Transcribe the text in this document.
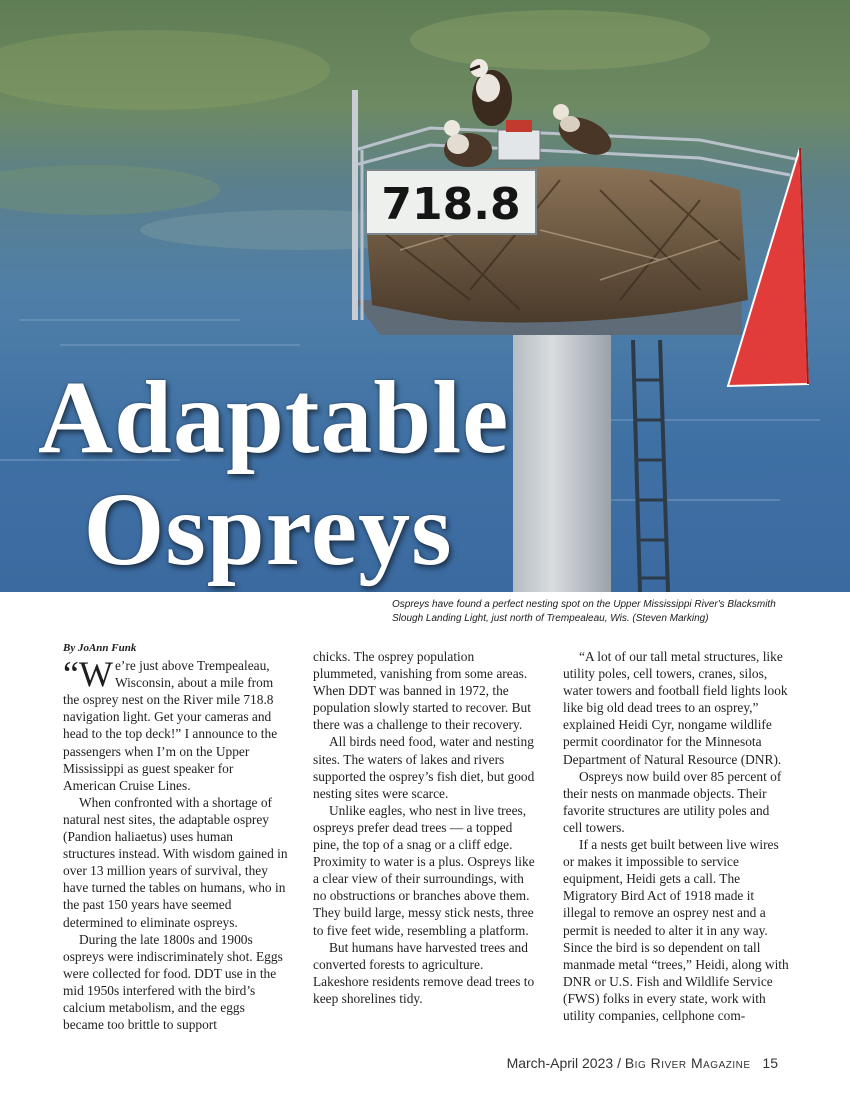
718.8
Adaptable
Ospreys
Ospreys have found a perfect nesting spot on the Upper Mississippi River's Blacksmith Slough Landing Light, just north of Trempealeau, Wis. (Steven Marking)

By JoAnn Funk

“We’re just above Trempealeau, Wisconsin, about a mile from the osprey nest on the River mile 718.8 navigation light. Get your cameras and head to the top deck!” I announce to the passengers when I’m on the Upper Mississippi as guest speaker for American Cruise Lines.

When confronted with a shortage of natural nest sites, the adaptable osprey (Pandion haliaetus) uses human structures instead. With wisdom gained in over 13 million years of survival, they have turned the tables on humans, who in the past 150 years have seemed determined to eliminate ospreys.

During the late 1800s and 1900s ospreys were indiscriminately shot. Eggs were collected for food. DDT use in the mid 1950s interfered with the bird’s calcium metabolism, and the eggs became too brittle to support

chicks. The osprey population plummeted, vanishing from some areas. When DDT was banned in 1972, the population slowly started to recover. But there was a challenge to their recovery.

All birds need food, water and nesting sites. The waters of lakes and rivers supported the osprey’s fish diet, but good nesting sites were scarce.

Unlike eagles, who nest in live trees, ospreys prefer dead trees — a topped pine, the top of a snag or a cliff edge. Proximity to water is a plus. Ospreys like a clear view of their surroundings, with no obstructions or branches above them. They build large, messy stick nests, three to five feet wide, resembling a platform.

But humans have harvested trees and converted forests to agriculture. Lakeshore residents remove dead trees to keep shorelines tidy.

“A lot of our tall metal structures, like utility poles, cell towers, cranes, silos, water towers and football field lights look like big old dead trees to an osprey,” explained Heidi Cyr, nongame wildlife permit coordinator for the Minnesota Department of Natural Resource (DNR).

Ospreys now build over 85 percent of their nests on manmade objects. Their favorite structures are utility poles and cell towers.

If a nests get built between live wires or makes it impossible to service equipment, Heidi gets a call. The Migratory Bird Act of 1918 made it illegal to remove an osprey nest and a permit is needed to alter it in any way. Since the bird is so dependent on tall manmade metal “trees,” Heidi, along with DNR or U.S. Fish and Wildlife Service (FWS) folks in every state, work with utility companies, cellphone com-

March-April 2023 / Big River Magazine 15
